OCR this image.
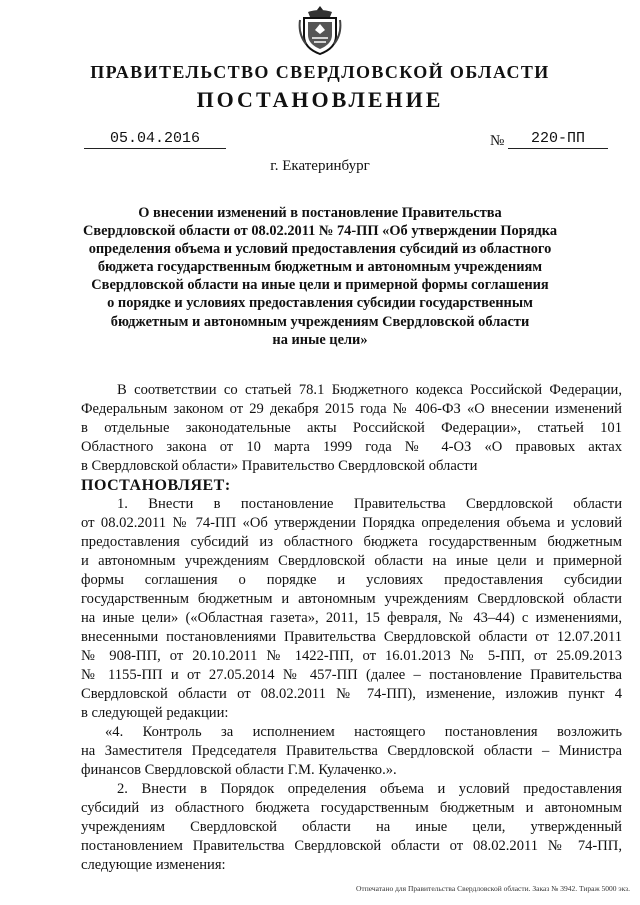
ПРАВИТЕЛЬСТВО СВЕРДЛОВСКОЙ ОБЛАСТИ
ПОСТАНОВЛЕНИЕ
05.04.2016	№	220-ПП
г. Екатеринбург
О внесении изменений в постановление Правительства
Свердловской области от 08.02.2011 № 74-ПП «Об утверждении Порядка
определения объема и условий предоставления субсидий из областного
бюджета государственным бюджетным и автономным учреждениям
Свердловской области на иные цели и примерной формы соглашения
о порядке и условиях предоставления субсидии государственным
бюджетным и автономным учреждениям Свердловской области
на иные цели»
В соответствии со статьей 78.1 Бюджетного кодекса Российской Федерации,
Федеральным законом от 29 декабря 2015 года № 406-ФЗ «О внесении изменений
в отдельные законодательные акты Российской Федерации», статьей 101
Областного закона от 10 марта 1999 года № 4-ОЗ «О правовых актах
в Свердловской области» Правительство Свердловской области
ПОСТАНОВЛЯЕТ:
1. Внести в постановление Правительства Свердловской области
от 08.02.2011 № 74-ПП «Об утверждении Порядка определения объема и условий
предоставления субсидий из областного бюджета государственным бюджетным
и автономным учреждениям Свердловской области на иные цели и примерной
формы соглашения о порядке и условиях предоставления субсидии
государственным бюджетным и автономным учреждениям Свердловской области
на иные цели» («Областная газета», 2011, 15 февраля, № 43–44) с изменениями,
внесенными постановлениями Правительства Свердловской области от 12.07.2011
№ 908-ПП, от 20.10.2011 № 1422-ПП, от 16.01.2013 № 5-ПП, от 25.09.2013
№ 1155-ПП и от 27.05.2014 № 457-ПП (далее – постановление Правительства
Свердловской области от 08.02.2011 № 74-ПП), изменение, изложив пункт 4
в следующей редакции:
«4. Контроль за исполнением настоящего постановления возложить
на Заместителя Председателя Правительства Свердловской области – Министра
финансов Свердловской области Г.М. Кулаченко.».
2. Внести в Порядок определения объема и условий предоставления
субсидий из областного бюджета государственным бюджетным и автономным
учреждениям Свердловской области на иные цели, утвержденный
постановлением Правительства Свердловской области от 08.02.2011 № 74-ПП,
следующие изменения:
Отпечатано для Правительства Свердловской области. Заказ № 3942. Тираж 5000 экз.
